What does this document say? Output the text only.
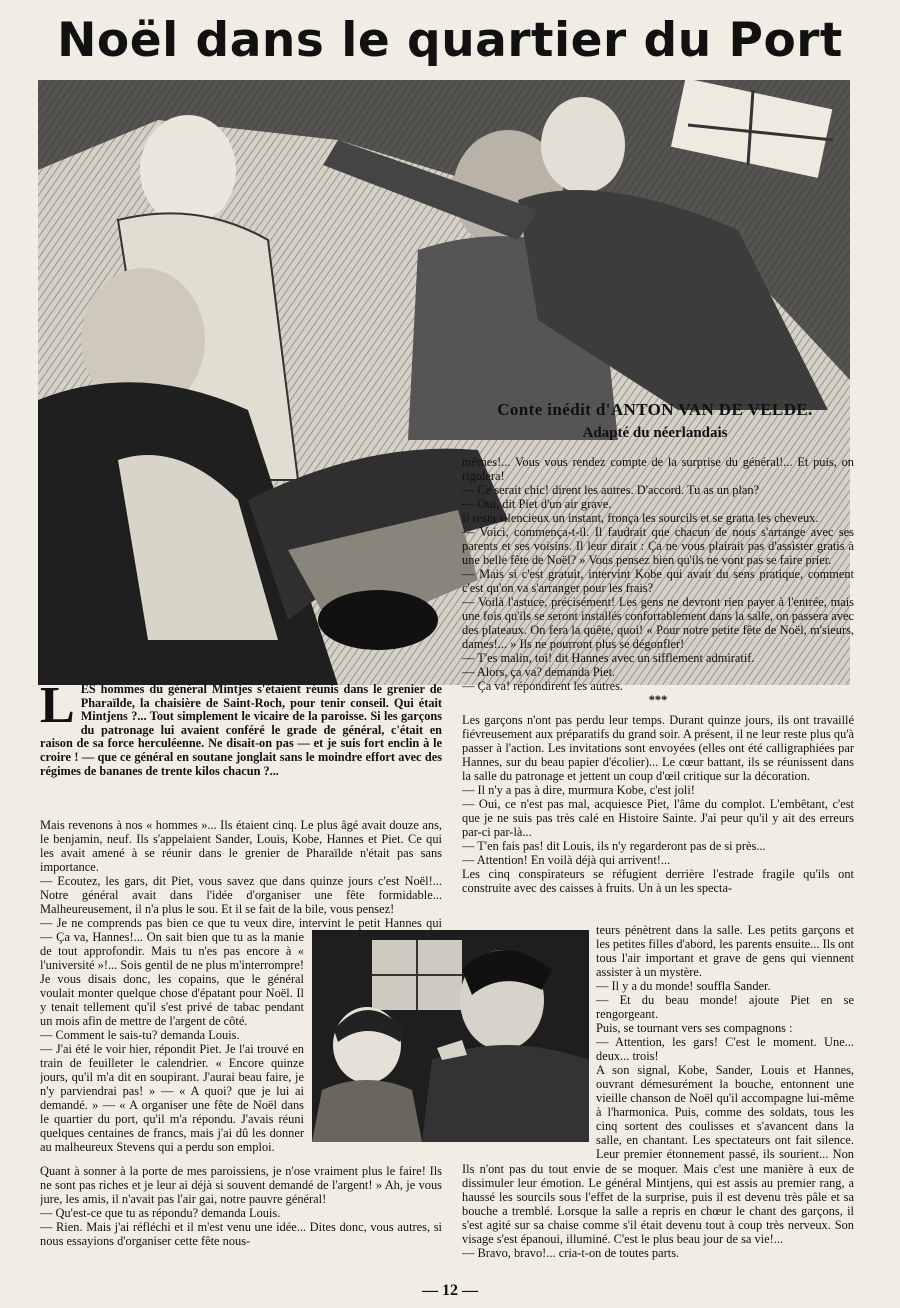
Noël dans le quartier du Port
Conte inédit d'ANTON VAN DE VELDE.
Adapté du néerlandais
LES hommes du général Mintjes s'étaient réunis dans le grenier de Pharaïlde, la chaisière de Saint-Roch, pour tenir conseil. Qui était Mintjens ?... Tout simplement le vicaire de la paroisse. Si les garçons du patronage lui avaient conféré le grade de général, c'était en raison de sa force herculéenne. Ne disait-on pas — et je suis fort enclin à le croire ! — que ce général en soutane jonglait sans le moindre effort avec des régimes de bananes de trente kilos chacun ?...

Mais revenons à nos « hommes »... Ils étaient cinq. Le plus âgé avait douze ans, le benjamin, neuf. Ils s'appelaient Sander, Louis, Kobe, Hannes et Piet. Ce qui les avait amené à se réunir dans le grenier de Pharaïlde n'était pas sans importance.

— Ecoutez, les gars, dit Piet, vous savez que dans quinze jours c'est Noël!... Notre général avait dans l'idée d'organiser une fête formidable... Malheureusement, il n'a plus le sou. Et il se fait de la bile, vous pensez!

— Je ne comprends pas bien ce que tu veux dire, intervint le petit Hannes qui

— Ça va, Hannes!... On sait bien que tu as la manie de tout approfondir. Mais tu n'es pas encore à « l'université »!... Sois gentil de ne plus m'interrompre! Je vous disais donc, les copains, que le général voulait monter quelque chose d'épatant pour Noël. Il y tenait tellement qu'il s'est privé de tabac pendant un mois afin de mettre de l'argent de côté.

— Comment le sais-tu? demanda Louis.

— J'ai été le voir hier, répondit Piet. Je l'ai trouvé en train de feuilleter le calendrier. « Encore quinze jours, qu'il m'a dit en soupirant. J'aurai beau faire, je n'y parviendrai pas! » — « A quoi? que je lui ai demandé. » — « A organiser une fête de Noël dans le quartier du port, qu'il m'a répondu. J'avais réuni quelques centaines de francs, mais j'ai dû les donner au malheureux Stevens qui a perdu son emploi.

Quant à sonner à la porte de mes paroissiens, je n'ose vraiment plus le faire! Ils ne sont pas riches et je leur ai déjà si souvent demandé de l'argent! » Ah, je vous jure, les amis, il n'avait pas l'air gai, notre pauvre général!

— Qu'est-ce que tu as répondu? demanda Louis.

— Rien. Mais j'ai réfléchi et il m'est venu une idée... Dites donc, vous autres, si nous essayions d'organiser cette fête nous-

mêmes!... Vous vous rendez compte de la surprise du général!... Et puis, on rigolera!

— Ce serait chic! dirent les autres. D'accord. Tu as un plan?

— Oui, dit Piet d'un air grave.

Il resta silencieux un instant, fronça les sourcils et se gratta les cheveux.

— Voici, commença-t-il. Il faudrait que chacun de nous s'arrange avec ses parents et ses voisins. Il leur dirait : Ça ne vous plairait pas d'assister gratis à une belle fête de Noël? » Vous pensez bien qu'ils ne vont pas se faire prier.

— Mais si c'est gratuit, intervint Kobe qui avait du sens pratique, comment c'est qu'on va s'arranger pour les frais?

— Voilà l'astuce, précisément! Les gens ne devront rien payer à l'entrée, mais une fois qu'ils se seront installés confortablement dans la salle, on passera avec des plateaux. On fera la quête, quoi! « Pour notre petite fête de Noël, m'sieurs, dames!... » Ils ne pourront plus se dégonfler!

— T'es malin, toi! dit Hannes avec un sifflement admiratif.

— Alors, ça va? demanda Piet.

— Ça va! répondirent les autres.

***

Les garçons n'ont pas perdu leur temps. Durant quinze jours, ils ont travaillé fiévreusement aux préparatifs du grand soir. A présent, il ne leur reste plus qu'à passer à l'action. Les invitations sont envoyées (elles ont été calligraphiées par Hannes, sur du beau papier d'écolier)... Le cœur battant, ils se réunissent dans la salle du patronage et jettent un coup d'œil critique sur la décoration.

— Il n'y a pas à dire, murmura Kobe, c'est joli!

— Oui, ce n'est pas mal, acquiesce Piet, l'âme du complot. L'embêtant, c'est que je ne suis pas très calé en Histoire Sainte. J'ai peur qu'il y ait des erreurs par-ci par-là...

— T'en fais pas! dit Louis, ils n'y regarderont pas de si près...

— Attention! En voilà déjà qui arrivent!...

Les cinq conspirateurs se réfugient derrière l'estrade fragile qu'ils ont construite avec des caisses à fruits. Un à un les specta-

teurs pénètrent dans la salle. Les petits garçons et les petites filles d'abord, les parents ensuite... Ils ont tous l'air important et grave de gens qui viennent assister à un mystère.

— Il y a du monde! souffla Sander.

— Et du beau monde! ajoute Piet en se rengorgeant.

Puis, se tournant vers ses compagnons :

— Attention, les gars! C'est le moment. Une... deux... trois!

A son signal, Kobe, Sander, Louis et Hannes, ouvrant démesurément la bouche, entonnent une vieille chanson de Noël qu'il accompagne lui-même à l'harmonica. Puis, comme des soldats, tous les cinq sortent des coulisses et s'avancent dans la salle, en chantant. Les spectateurs ont fait silence. Leur premier étonnement passé, ils sourient... Non

Ils n'ont pas du tout envie de se moquer. Mais c'est une manière à eux de dissimuler leur émotion. Le général Mintjens, qui est assis au premier rang, a haussé les sourcils sous l'effet de la surprise, puis il est devenu très pâle et sa bouche a tremblé. Lorsque la salle a repris en chœur le chant des garçons, il s'est agité sur sa chaise comme s'il était devenu tout à coup très nerveux. Son visage s'est épanoui, illuminé. C'est le plus beau jour de sa vie!...

— Bravo, bravo!... cria-t-on de toutes parts.

— 12 —
